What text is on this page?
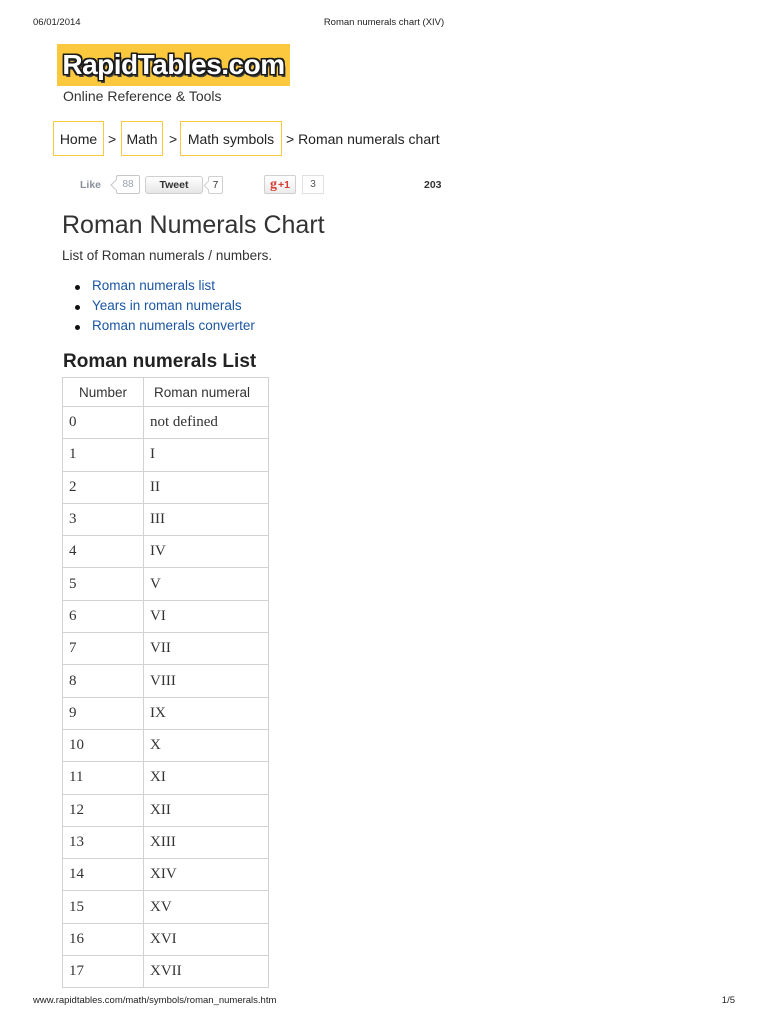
06/01/2014	Roman numerals chart (XIV)
RapidTables.com
Online Reference & Tools
Home > Math > Math symbols > Roman numerals chart
Like	88	Tweet	7	g +1	3	203
Roman Numerals Chart

List of Roman numerals / numbers.

Roman numerals list
Years in roman numerals
Roman numerals converter
Roman numerals List
Number	Roman numeral
0	not defined
1	I
2	II
3	III
4	IV
5	V
6	VI
7	VII
8	VIII
9	IX
10	X
11	XI
12	XII
13	XIII
14	XIV
15	XV
16	XVI
17	XVII
www.rapidtables.com/math/symbols/roman_numerals.htm	1/5
